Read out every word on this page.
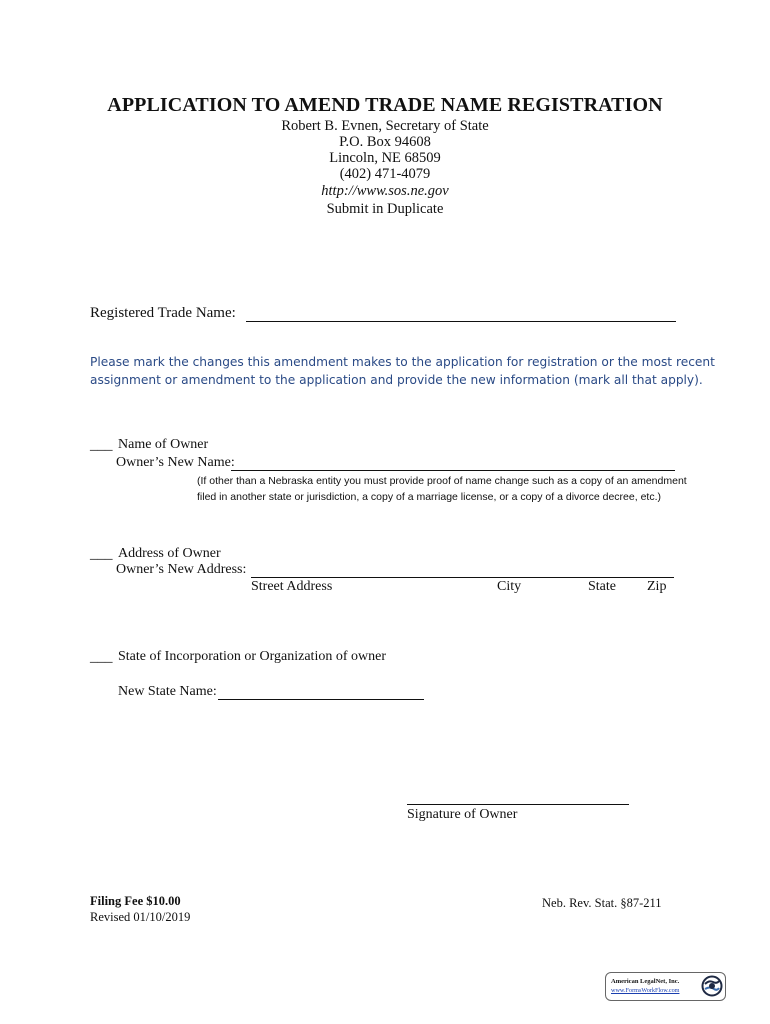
APPLICATION TO AMEND TRADE NAME REGISTRATION
Robert B. Evnen, Secretary of State
P.O. Box 94608
Lincoln, NE 68509
(402) 471-4079
http://www.sos.ne.gov
Submit in Duplicate
Registered Trade Name:
Please mark the changes this amendment makes to the application for registration or the most recent
assignment or amendment to the application and provide the new information (mark all that apply).
___ Name of Owner
Owner’s New Name:
(If other than a Nebraska entity you must provide proof of name change such as a copy of an amendment
filed in another state or jurisdiction, a copy of a marriage license, or a copy of a divorce decree, etc.)
___ Address of Owner
Owner’s New Address:
Street Address	City	State Zip
___ State of Incorporation or Organization of owner
New State Name:
Signature of Owner
Filing Fee $10.00
Revised 01/10/2019
Neb. Rev. Stat. §87-211
American LegalNet, Inc.
www.FormsWorkFlow.com
